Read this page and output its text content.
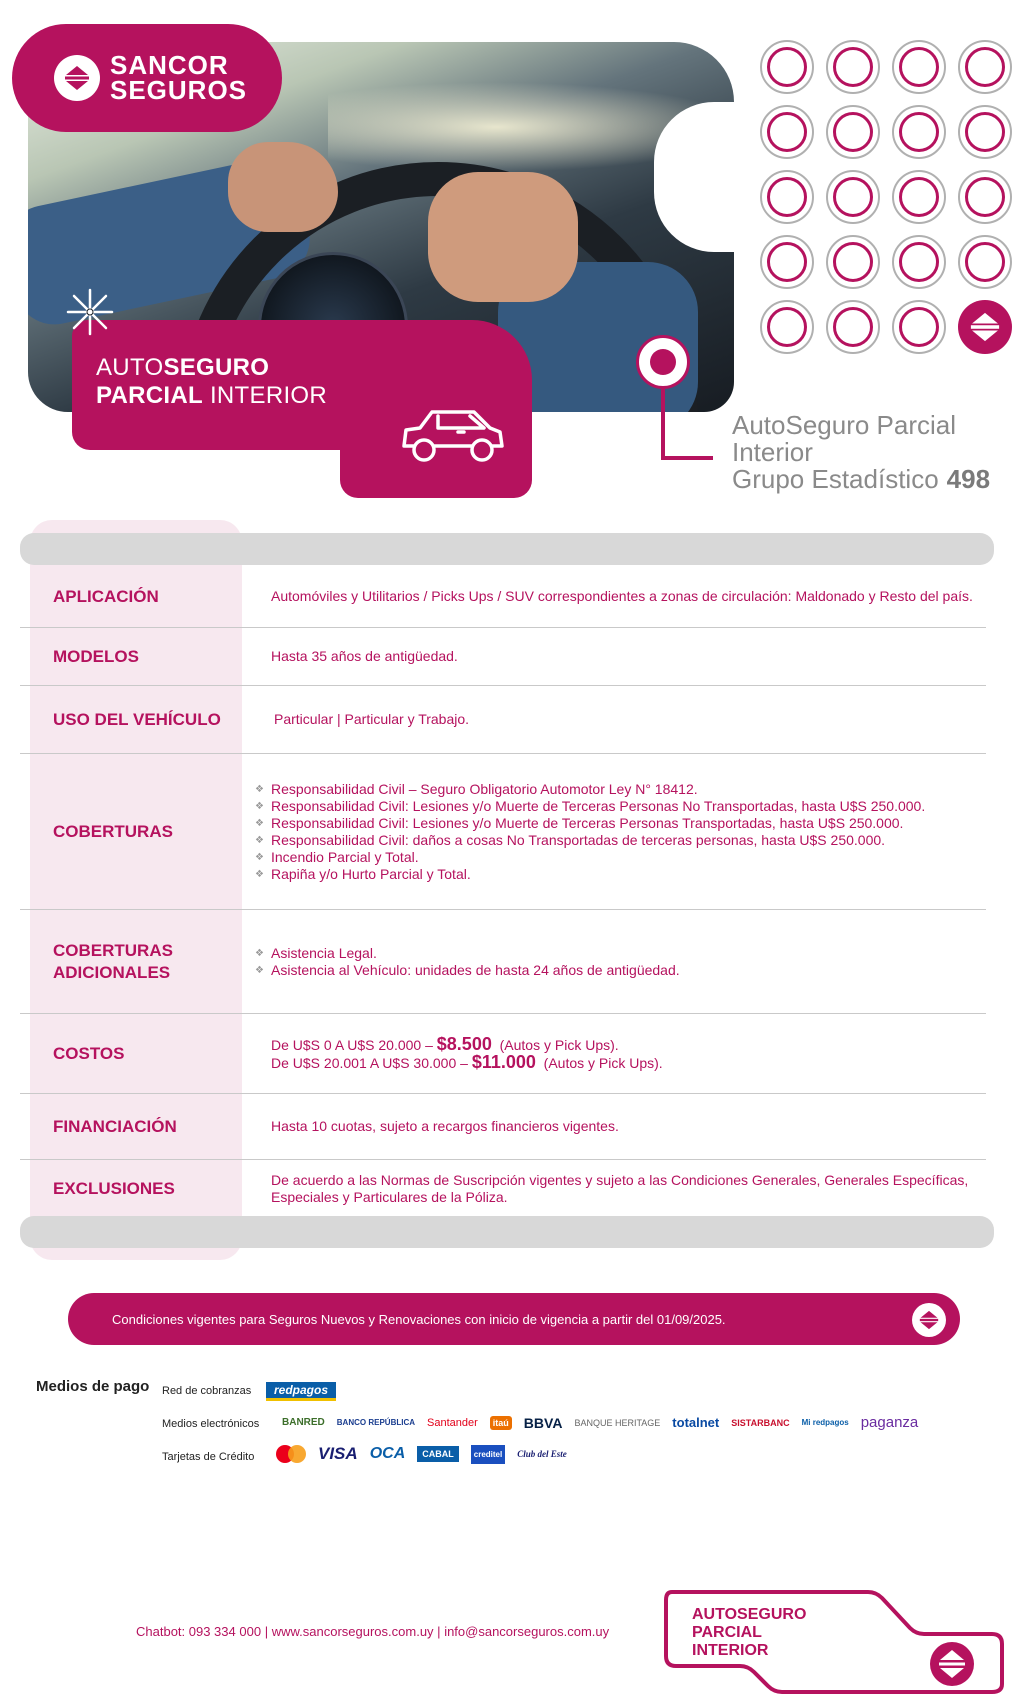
SANCOR
SEGUROS
AUTOSEGURO
PARCIAL INTERIOR
AutoSeguro Parcial
Interior
Grupo Estadístico 498
APLICACIÓN	Automóviles y Utilitarios / Picks Ups / SUV correspondientes a zonas de circulación: Maldonado y Resto del país.
MODELOS	Hasta 35 años de antigüedad.
USO DEL VEHÍCULO	Particular | Particular y Trabajo.
COBERTURAS
❖ Responsabilidad Civil – Seguro Obligatorio Automotor Ley N° 18412.
❖ Responsabilidad Civil: Lesiones y/o Muerte de Terceras Personas No Transportadas, hasta U$S 250.000.
❖ Responsabilidad Civil: Lesiones y/o Muerte de Terceras Personas Transportadas, hasta U$S 250.000.
❖ Responsabilidad Civil: daños a cosas No Transportadas de terceras personas, hasta U$S 250.000.
❖ Incendio Parcial y Total.
❖ Rapiña y/o Hurto Parcial y Total.
COBERTURAS
ADICIONALES
❖ Asistencia Legal.
❖ Asistencia al Vehículo: unidades de hasta 24 años de antigüedad.
COSTOS	De U$S 0 A U$S 20.000 – $8.500 (Autos y Pick Ups).
De U$S 20.001 A U$S 30.000 – $11.000 (Autos y Pick Ups).
FINANCIACIÓN	Hasta 10 cuotas, sujeto a recargos financieros vigentes.
EXCLUSIONES	De acuerdo a las Normas de Suscripción vigentes y sujeto a las Condiciones Generales, Generales Específicas, Especiales y Particulares de la Póliza.
Condiciones vigentes para Seguros Nuevos y Renovaciones con inicio de vigencia a partir del 01/09/2025.
Medios de pago Red de cobranzas	redpagos
Medios electrónicos BANRED BANCO REPÚBLICA Santander	itaú BBVA BANQUE HERITAGE totalnet SISTARBANC Mi redpagos paganza
Tarjetas de Crédito	VISA OCA	CABAL	creditel	Club del Este
Chatbot: 093 334 000 | www.sancorseguros.com.uy | info@sancorseguros.com.uy
AUTOSEGURO
PARCIAL
INTERIOR
